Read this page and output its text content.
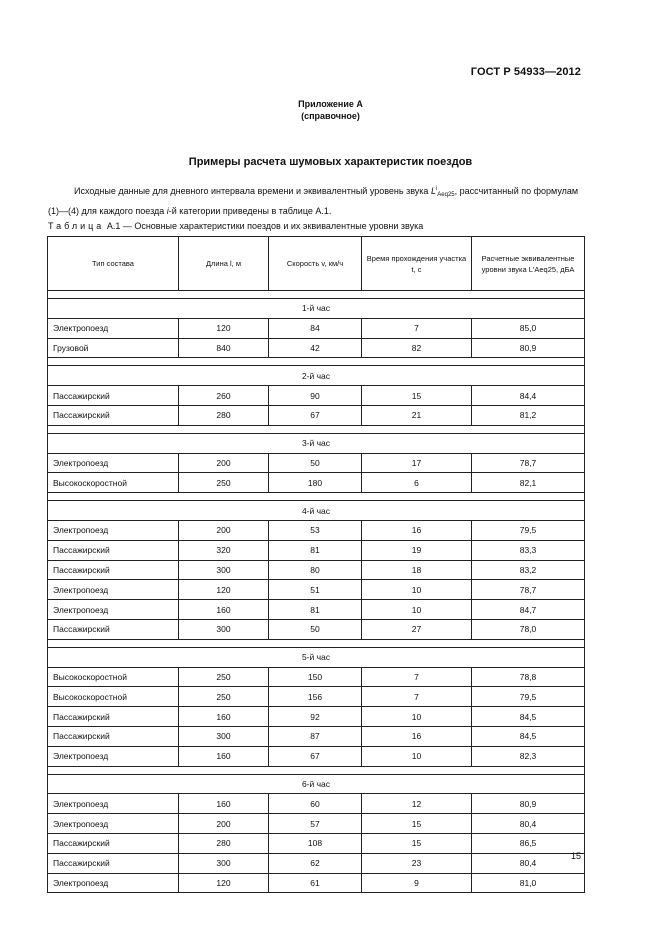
ГОСТ Р 54933—2012
Приложение А
(справочное)
Примеры расчета шумовых характеристик поездов
Исходные данные для дневного интервала времени и эквивалентный уровень звука $L^i_{Aeq25}$, рассчитанный по формулам (1)—(4) для каждого поезда i-й категории приведены в таблице А.1.
Таблица А.1 — Основные характеристики поездов и их эквивалентные уровни звука
Тип состава	Длина l, м	Скорость v, км/ч	Время прохождения участка t, с	Расчетные эквивалентные уровни звука L'Aeq25, дБА

1-й час				
Электропоезд	120	84	7	85,0
Грузовой	840	42	82	80,9

2-й час				
Пассажирский	260	90	15	84,4
Пассажирский	280	67	21	81,2

3-й час				
Электропоезд	200	50	17	78,7
Высокоскоростной	250	180	6	82,1

4-й час				
Электропоезд	200	53	16	79,5
Пассажирский	320	81	19	83,3
Пассажирский	300	80	18	83,2
Электропоезд	120	51	10	78,7
Электропоезд	160	81	10	84,7
Пассажирский	300	50	27	78,0

5-й час				
Высокоскоростной	250	150	7	78,8
Высокоскоростной	250	156	7	79,5
Пассажирский	160	92	10	84,5
Пассажирский	300	87	16	84,5
Электропоезд	160	67	10	82,3

6-й час				
Электропоезд	160	60	12	80,9
Электропоезд	200	57	15	80,4
Пассажирский	280	108	15	86,5
Пассажирский	300	62	23	80,4
Электропоезд	120	61	9	81,0
15
